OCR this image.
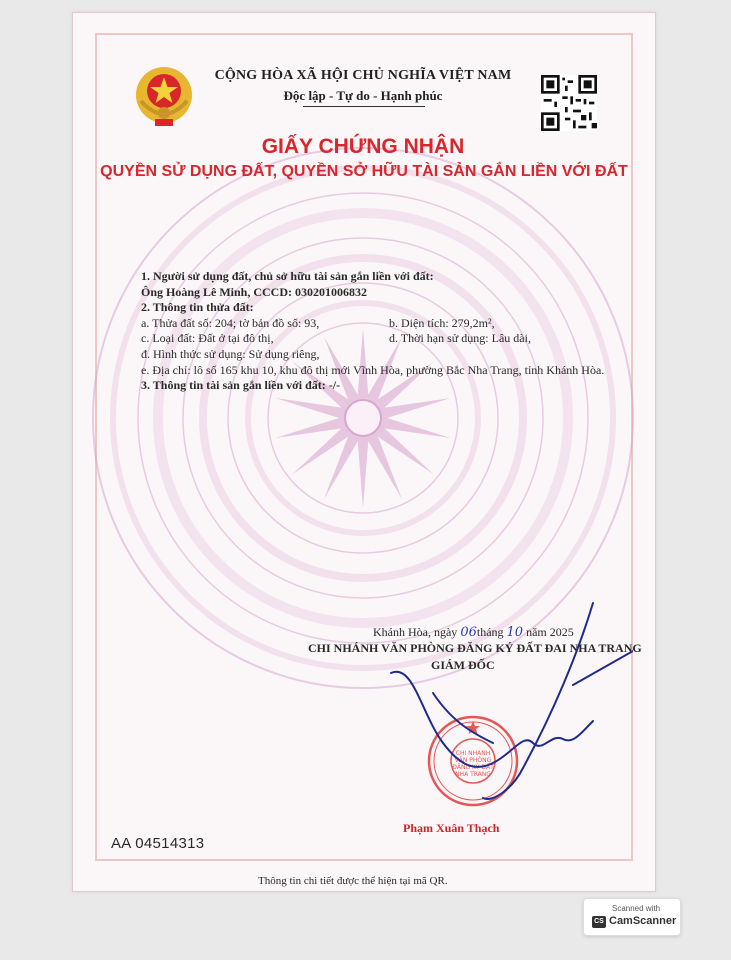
CỘNG HÒA XÃ HỘI CHỦ NGHĨA VIỆT NAM
Độc lập - Tự do - Hạnh phúc
GIẤY CHỨNG NHẬN
QUYỀN SỬ DỤNG ĐẤT, QUYỀN SỞ HỮU TÀI SẢN GẮN LIỀN VỚI ĐẤT
1. Người sử dụng đất, chủ sở hữu tài sản gắn liền với đất:
Ông Hoàng Lê Minh, CCCD: 030201006832
2. Thông tin thửa đất:
a. Thửa đất số: 204; tờ bản đồ số: 93,	b. Diện tích: 279,2m²,
c. Loại đất: Đất ở tại đô thị,	d. Thời hạn sử dụng: Lâu dài,
đ. Hình thức sử dụng: Sử dụng riêng,
e. Địa chỉ: lô số 165 khu 10, khu đô thị mới Vĩnh Hòa, phường Bắc Nha Trang, tỉnh Khánh Hòa.
3. Thông tin tài sản gắn liền với đất: -/-
Khánh Hòa, ngày 06tháng 10 năm 2025
CHI NHÁNH VĂN PHÒNG ĐĂNG KÝ ĐẤT ĐAI NHA TRANG
GIÁM ĐỐC
CHI NHÁNH
VĂN PHÒNG
ĐĂNG KÝ ĐẤT
NHA TRANG
Phạm Xuân Thạch
AA 04514313
Thông tin chi tiết được thể hiện tại mã QR.
Scanned with
CS CamScanner
